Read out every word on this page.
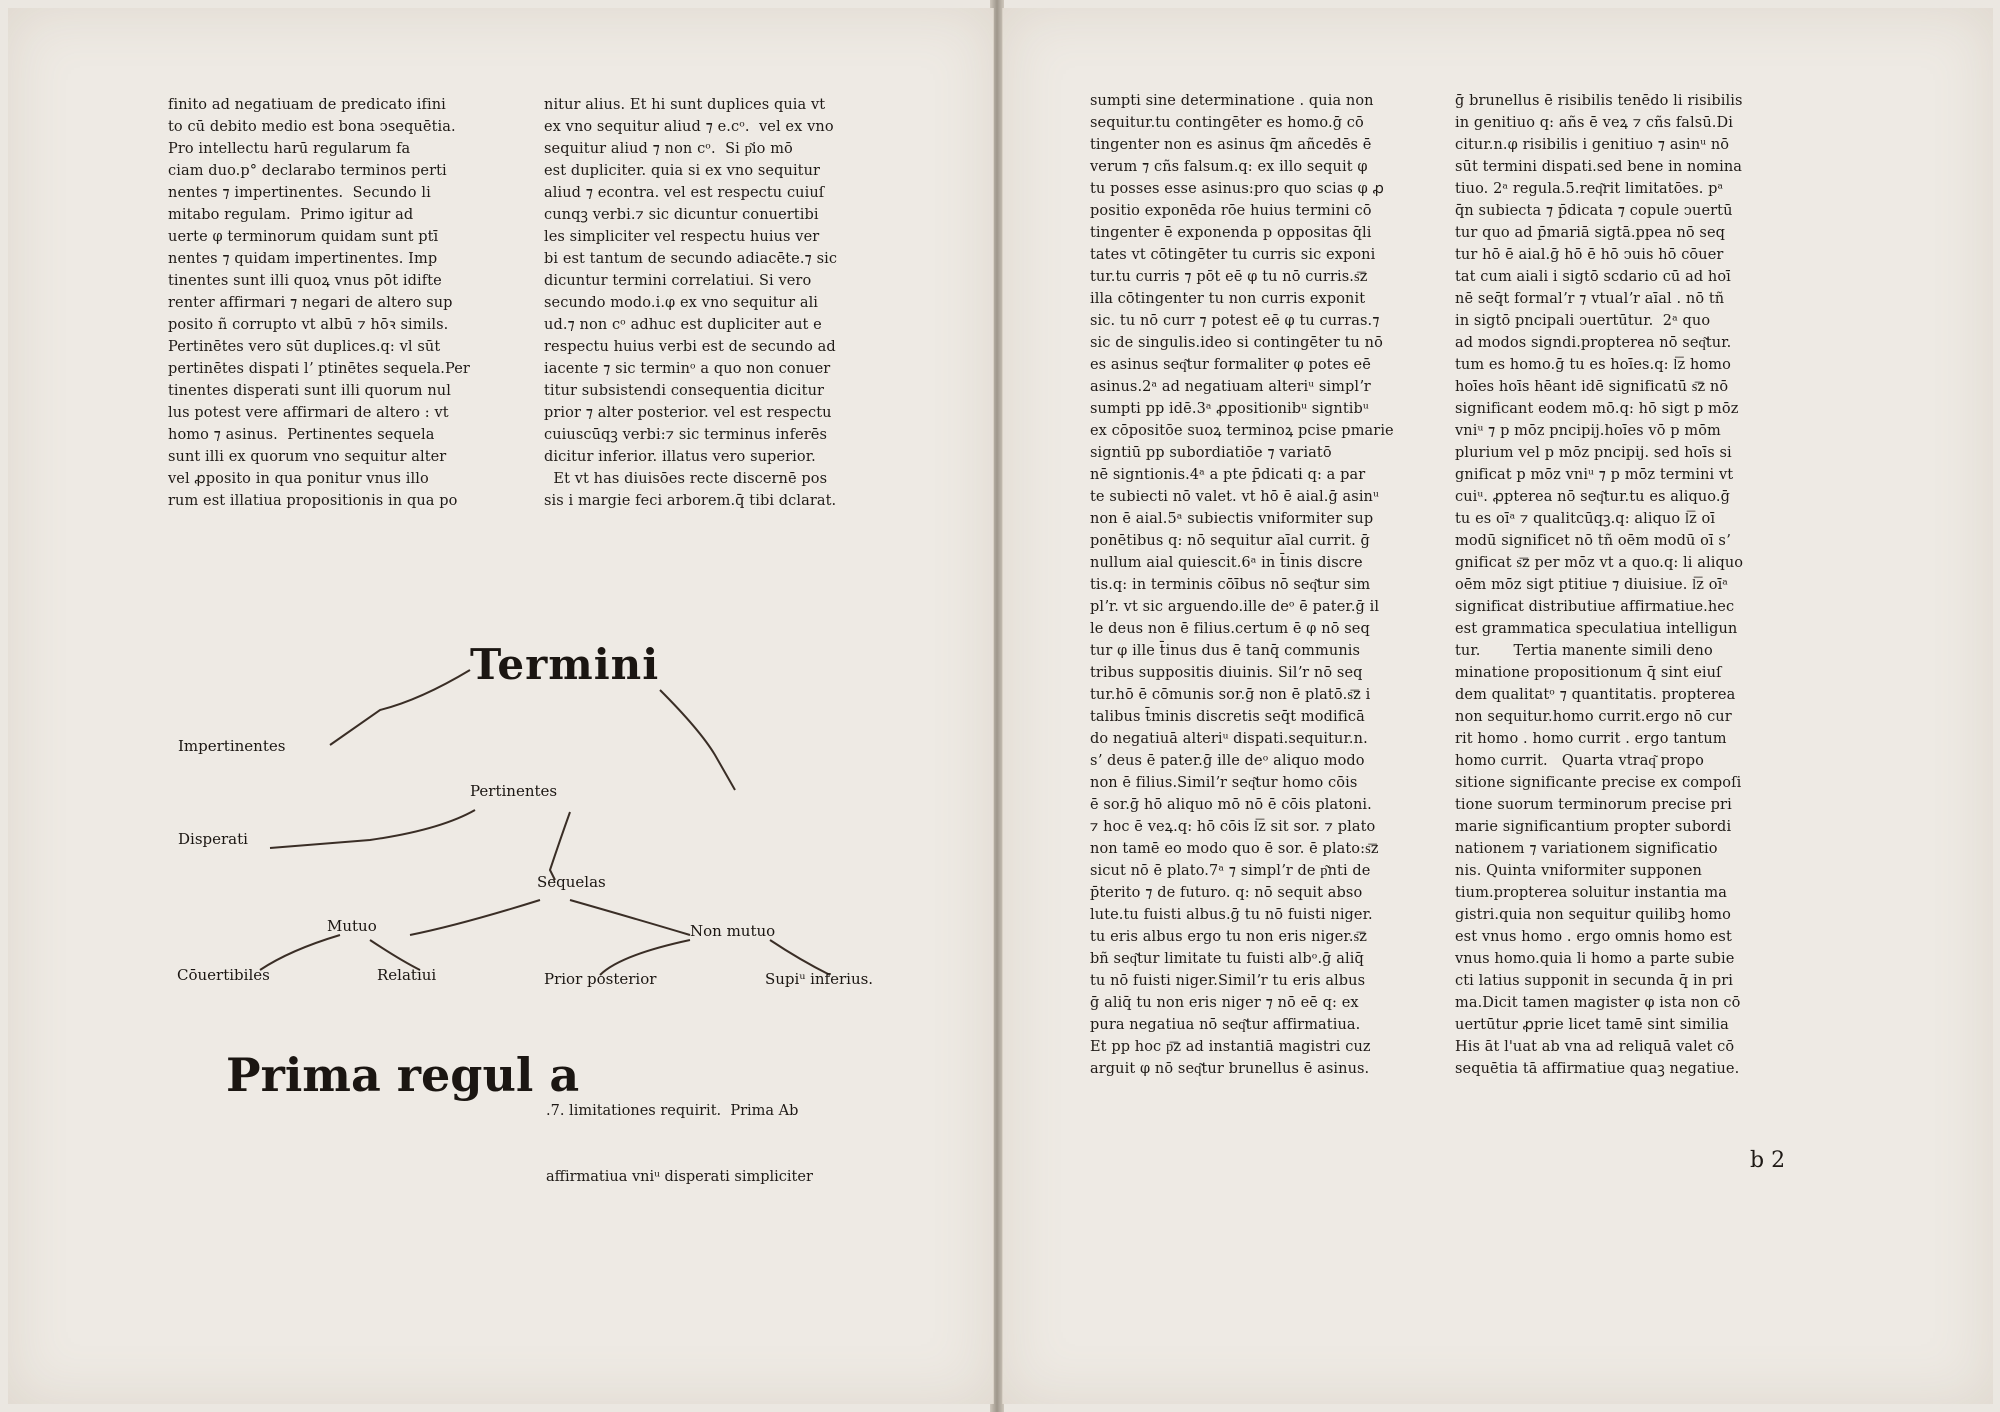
finito ad negatiuam de predicato ifini
to cū debito medio est bona ↄsequētia.
Pro intellectu harū regularum fa
ciam duo.p° declarabo terminos perti
nentes ⁊ impertinentes.  Secundo li
mitabo regulam.  Primo igitur ad
uerte φ terminorum quidam sunt ptī
nentes ⁊ quidam impertinentes. Imp
tinentes sunt illi quoꝝ vnus pōt idifte
renter affirmari ⁊ negari de altero sup
posito ñ corrupto vt albū ⁊ hōꝛ simils.
Pertinētes vero sūt duplices.q: vl sūt
pertinētes dispati lʼ ptinētes sequela.Per
tinentes disperati sunt illi quorum nul
lus potest vere affirmari de altero : vt
homo ⁊ asinus.  Pertinentes sequela
sunt illi ex quorum vno sequitur alter
vel ꝓposito in qua ponitur vnus illo
rum est illatiua propositionis in qua po
nitur alius. Et hi sunt duplices quia vt
ex vno sequitur aliud ⁊ e.cᵒ.  vel ex vno
sequitur aliud ⁊ non cᵒ.  Si p͂io mō
est dupliciter. quia si ex vno sequitur
aliud ⁊ econtra. vel est respectu cuiuſ
cunqꝫ verbi.⁊ sic dicuntur conuertibi
les simpliciter vel respectu huius ver
bi est tantum de secundo adiacēte.⁊ sic
dicuntur termini correlatiui. Si vero
secundo modo.i.φ ex vno sequitur ali
ud.⁊ non cᵒ adhuc est dupliciter aut e
respectu huius verbi est de secundo ad
iacente ⁊ sic terminᵒ a quo non conuer
titur subsistendi consequentia dicitur
prior ⁊ alter posterior. vel est respectu
cuiuscūqꝫ verbi:⁊ sic terminus inferēs
dicitur inferior. illatus vero superior.
Et vt has diuisōes recte discernē pos
sis i margie feci arborem.q̄ tibi dclarat.
sumpti sine determinatione . quia non
sequitur.tu contingēter es homo.ḡ cō
tingenter non es asinus q̄m añcedēs ē
verum ⁊ cñs falsum.q: ex illo sequit φ
tu posses esse asinus:pro quo scias φ ꝓ
positio exponēda rōe huius termini cō
tingenter ē exponenda p oppositas q̄li
tates vt cōtingēter tu curris sic exponi
tur.tu curris ⁊ pōt eē φ tu nō curris.s͞z
illa cōtingenter tu non curris exponit
sic. tu nō curr ⁊ potest eē φ tu curras.⁊
sic de singulis.ideo si contingēter tu nō
es asinus seq͂tur formaliter φ potes eē
asinus.2ᵃ ad negatiuam alteriᵘ simplʼr
sumpti pp idē.3ᵃ ꝓpositionibᵘ signtibᵘ
ex cōpositōe suoꝝ terminoꝝ pcise pmarie
signtiū pp subordiatiōe ⁊ variatō
nē signtionis.4ᵃ a pte p̄dicati q: a par
te subiecti nō valet. vt hō ē aial.ḡ asinᵘ
non ē aial.5ᵃ subiectis vniformiter sup
ponētibus q: nō sequitur aīal currit. ḡ
nullum aial quiescit.6ᵃ in t̄inis discre
tis.q: in terminis cōībus nō seq͂tur sim
plʼr. vt sic arguendo.ille deᵒ ē pater.ḡ il
le deus non ē filius.certum ē φ nō seq
tur φ ille t̄inus dus ē tanq̄ communis
tribus suppositis diuinis. Silʼr nō seq
tur.hō ē cōmunis sor.ḡ non ē platō.s͞z i
talibus t̄minis discretis seq̄t modificā
do negatiuā alteriᵘ dispati.sequitur.n.
sʼ deus ē pater.ḡ ille deᵒ aliquo modo
non ē filius.Similʼr seq͂tur homo cōis
ē sor.ḡ hō aliquo mō nō ē cōis platoni.
⁊ hoc ē veꝝ.q: hō cōis l͞z sit sor. ⁊ plato
non tamē eo modo quo ē sor. ē plato:s͞z
sicut nō ē plato.7ᵃ ⁊ simplʼr de p͂nti de
p̄terito ⁊ de futuro. q: nō sequit abso
lute.tu fuisti albus.ḡ tu nō fuisti niger.
tu eris albus ergo tu non eris niger.s͞z
bñ seq͂tur limitate tu fuisti albᵒ.ḡ aliq̄
tu nō fuisti niger.Similʼr tu eris albus
ḡ aliq̄ tu non eris niger ⁊ nō eē q: ex
pura negatiua nō seq͂tur affirmatiua.
Et pp hoc p͞z ad instantiā magistri cuz
arguit φ nō seq͂tur brunellus ē asinus.
ḡ brunellus ē risibilis tenēdo li risibilis
in genitiuo q: añs ē veꝝ ⁊ cñs falsū.Di
citur.n.φ risibilis i genitiuo ⁊ asinᵘ nō
sūt termini dispati.sed bene in nomina
tiuo. 2ᵃ regula.5.req͂rit limitatōes. pᵃ
q̄n subiecta ⁊ p̄dicata ⁊ copule ↄuertū
tur quo ad p̄mariā sigtā.ppea nō seq
tur hō ē aial.ḡ hō ē hō ↄuis hō cōuer
tat cum aiali i sigtō scdario cū ad hoī
nē seq̄t formalʼr ⁊ vtualʼr aīal . nō tñ
in sigtō pncipali ↄuertūtur.  2ᵃ quo
ad modos signdi.propterea nō seq͂tur.
tum es homo.ḡ tu es hoīes.q: l͞z homo
hoīes hoīs hēant idē significatū s͞z nō
significant eodem mō.q: hō sigt p mōz
vniᵘ ⁊ p mōz pncipij.hoīes vō p mōm
plurium vel p mōz pncipij. sed hoīs si
gnificat p mōz vniᵘ ⁊ p mōz termini vt
cuiᵘ. ꝓpterea nō seq͂tur.tu es aliquo.ḡ
tu es oīᵃ ⁊ qualitcūqꝫ.q: aliquo l͞z oī
modū significet nō tñ oēm modū oī sʼ
gnificat s͞z per mōz vt a quo.q: li aliquo
oēm mōz sigt ptitiue ⁊ diuisiue. l͞z oīᵃ
significat distributiue affirmatiue.hec
est grammatica speculatiua intelligun
tur.       Tertia manente simili deno
minatione propositionum q̄ sint eiuſ
dem qualitatᵒ ⁊ quantitatis. propterea
non sequitur.homo currit.ergo nō cur
rit homo . homo currit . ergo tantum
homo currit.   Quarta vtraq͂ propo
sitione significante precise ex compoſi
tione suorum terminorum precise pri
marie significantium propter subordi
nationem ⁊ variationem significatio
nis. Quinta vniformiter supponen
tium.propterea soluitur instantia ma
gistri.quia non sequitur quilibꝫ homo
est vnus homo . ergo omnis homo est
vnus homo.quia li homo a parte subie
cti latius supponit in secunda q̄ in pri
ma.Dicit tamen magister φ ista non cō
uertūtur ꝓprie licet tamē sint similia
His āt l'uat ab vna ad reliquā valet cō
sequētia tā affirmatiue quaꝫ negatiue.
Termini
Impertinentes
Pertinentes
Disperati
Sequelas
Mutuo	Non mutuo
Cōuertibiles	Relatiui	Prior posterior	Supiᵘ inferius.
Prima regul a

.7. limitationes requirit.  Prima Ab

affirmatiua vniᵘ disperati simpliciter

b 2
